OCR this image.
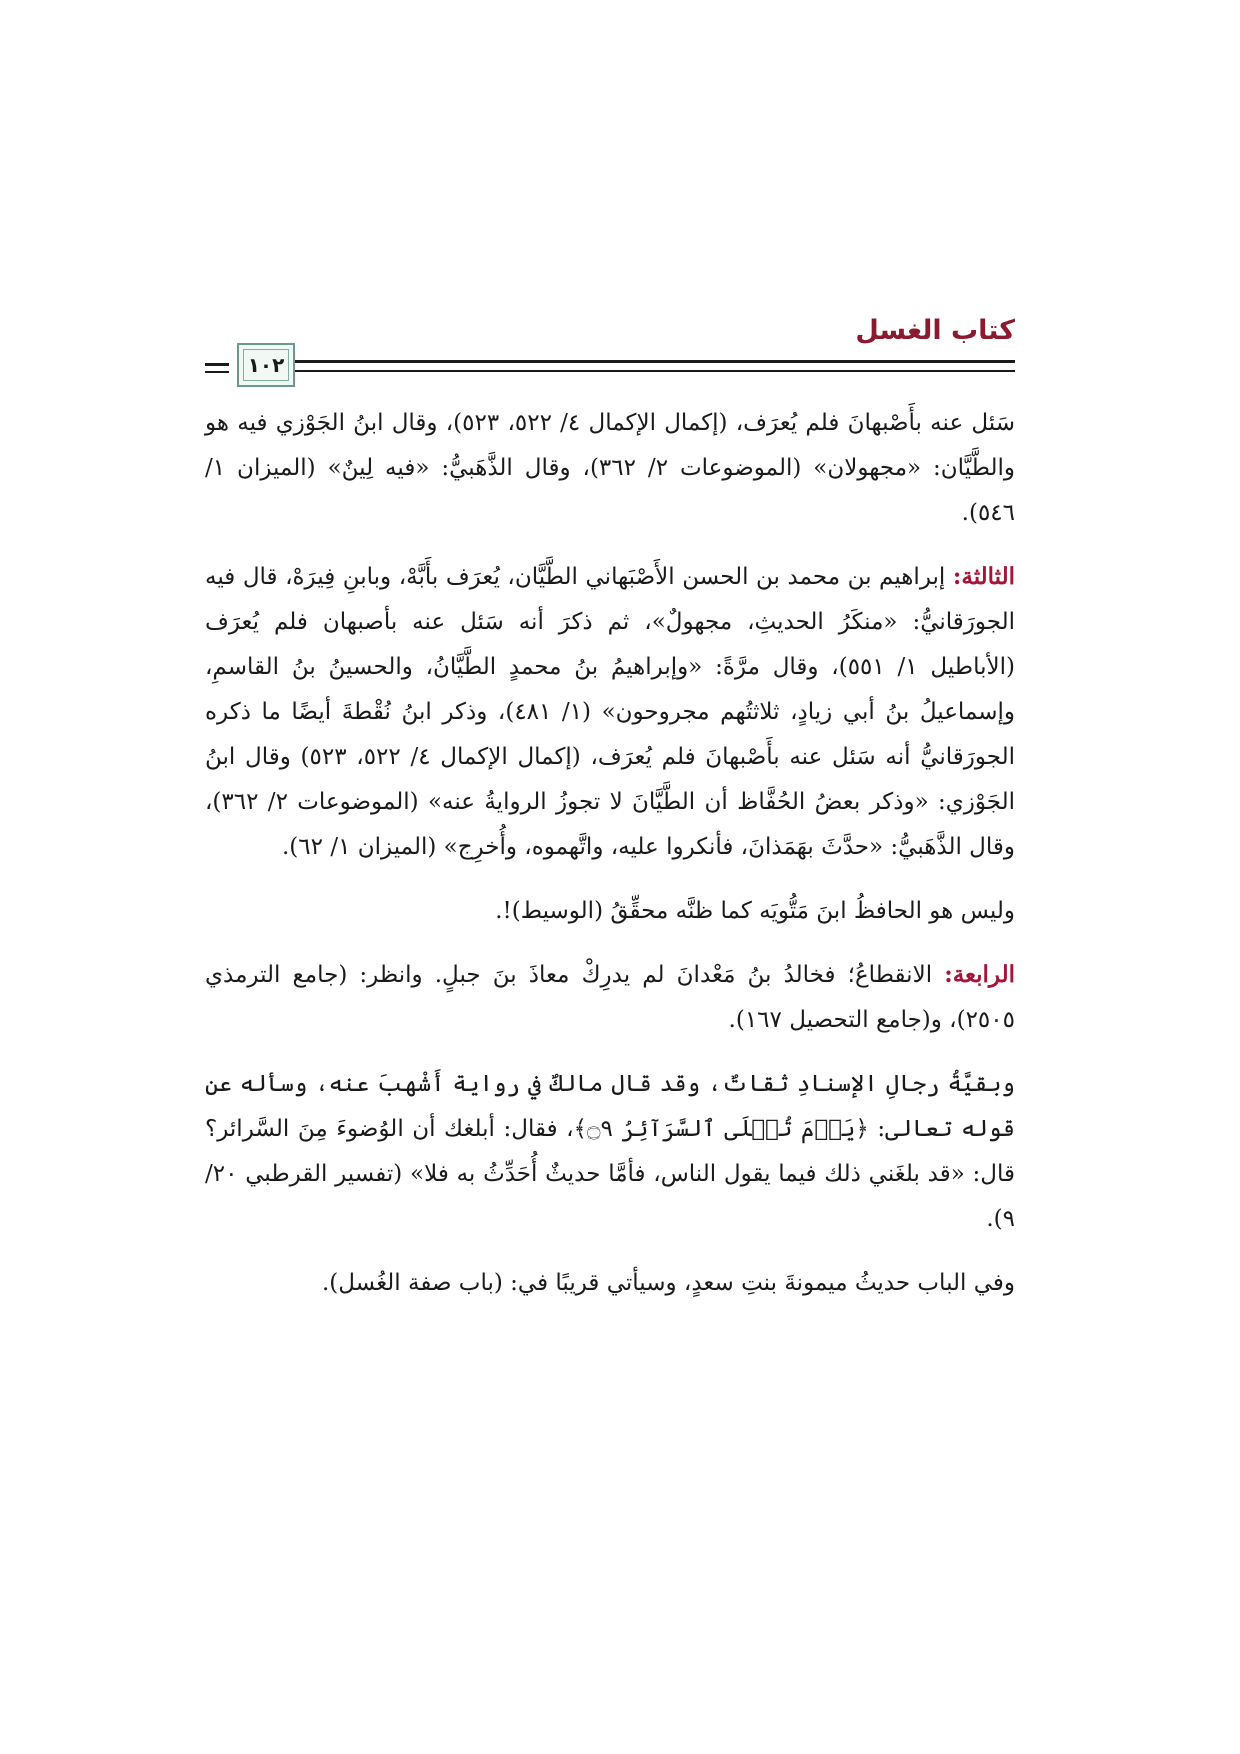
كتاب الغسل
١٠٢

سَئل عنه بأَصْبهانَ فلم يُعرَف، (إكمال الإكمال ٤/ ٥٢٢، ٥٢٣)، وقال ابنُ الجَوْزي فيه هو والطَّيَّان: «مجهولان» (الموضوعات ٢/ ٣٦٢)، وقال الذَّهَبيُّ: «فيه لِينٌ» (الميزان ١/ ٥٤٦).

الثالثة: إبراهيم بن محمد بن الحسن الأَصْبَهاني الطَّيَّان، يُعرَف بأَبَّهْ، وبابنِ فِيرَهْ، قال فيه الجورَقانيُّ: «منكَرُ الحديثِ، مجهولٌ»، ثم ذكرَ أنه سَئل عنه بأصبهان فلم يُعرَف (الأباطيل ١/ ٥٥١)، وقال مرَّةً: «وإبراهيمُ بنُ محمدٍ الطَّيَّانُ، والحسينُ بنُ القاسمِ، وإسماعيلُ بنُ أبي زيادٍ، ثلاثتُهم مجروحون» (١/ ٤٨١)، وذكر ابنُ نُقْطةَ أيضًا ما ذكره الجورَقانيُّ أنه سَئل عنه بأَصْبهانَ فلم يُعرَف، (إكمال الإكمال ٤/ ٥٢٢، ٥٢٣) وقال ابنُ الجَوْزي: «وذكر بعضُ الحُفَّاظ أن الطَّيَّانَ لا تجوزُ الروايةُ عنه» (الموضوعات ٢/ ٣٦٢)، وقال الذَّهَبيُّ: «حدَّثَ بهَمَذانَ، فأنكروا عليه، واتَّهموه، وأُخرِج» (الميزان ١/ ٦٢).

وليس هو الحافظُ ابنَ مَتُّويَه كما ظنَّه محقِّقُ (الوسيط)!.

الرابعة: الانقطاعُ؛ فخالدُ بنُ مَعْدانَ لم يدرِكْ معاذَ بنَ جبلٍ. وانظر: (جامع الترمذي ٢٥٠٥)، و(جامع التحصيل ١٦٧).

وبقيَّةُ رجالِ الإسنادِ ثقاتٌ، وقد قال مالكٌ في رواية أَشْهبَ عنه، وسأله عن قوله تعالى: ﴿يَوۡمَ تُبۡلَى ٱلسَّرَآئِرُ ۝٩﴾، فقال: أبلغك أن الوُضوءَ مِنَ السَّرائر؟ قال: «قد بلغَني ذلك فيما يقول الناس، فأمَّا حديثٌ أُحَدِّثُ به فلا» (تفسير القرطبي ٢٠/ ٩).

وفي الباب حديثُ ميمونةَ بنتِ سعدٍ، وسيأتي قريبًا في: (باب صفة الغُسل).
